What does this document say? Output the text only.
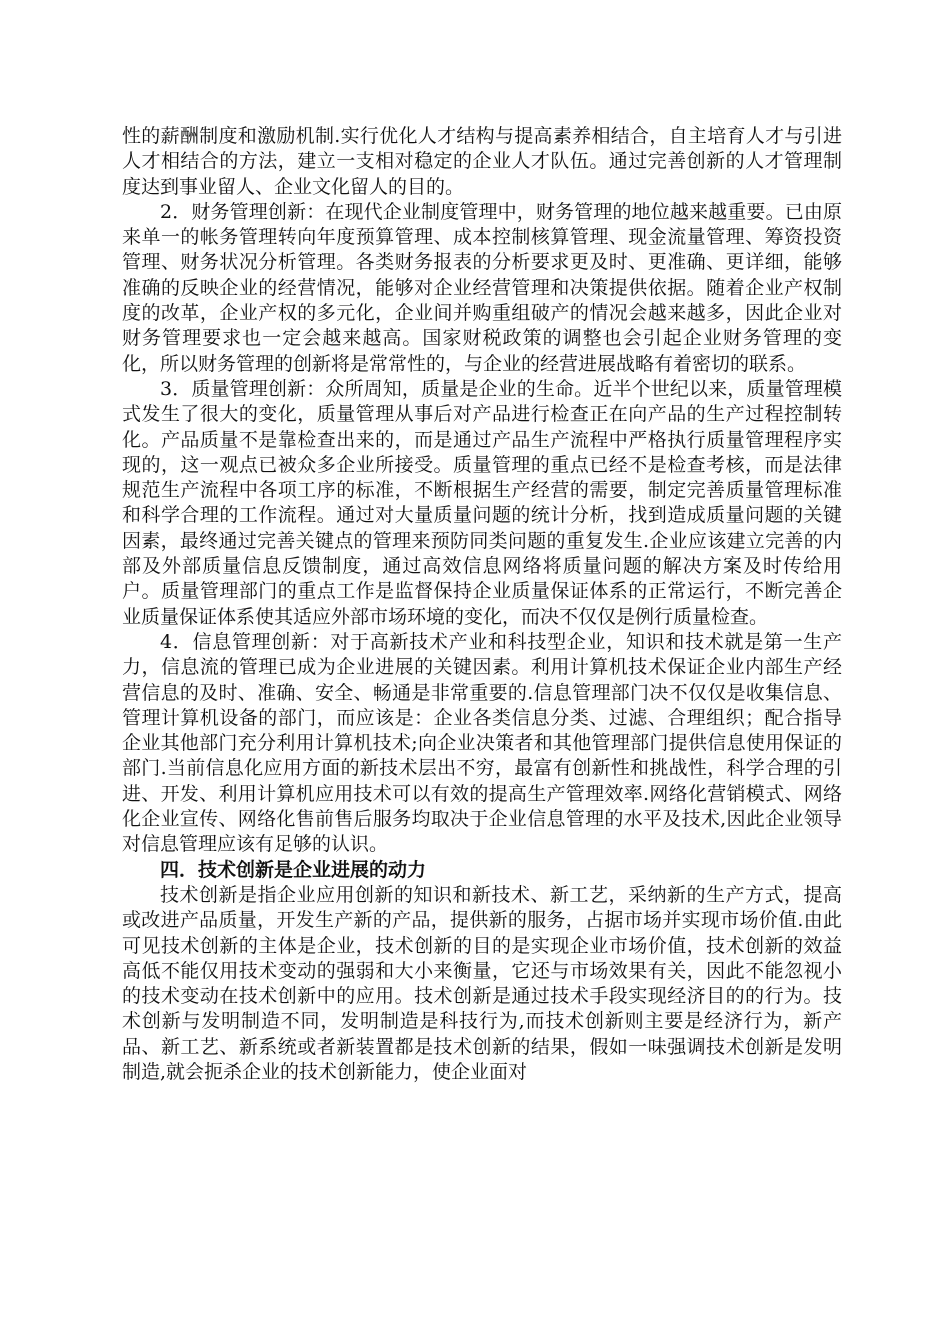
性的薪酬制度和激励机制.实行优化人才结构与提高素养相结合，自主培育人才与引进人才相结合的方法，建立一支相对稳定的企业人才队伍。通过完善创新的人才管理制度达到事业留人、企业文化留人的目的。

2．财务管理创新：在现代企业制度管理中，财务管理的地位越来越重要。已由原来单一的帐务管理转向年度预算管理、成本控制核算管理、现金流量管理、筹资投资管理、财务状况分析管理。各类财务报表的分析要求更及时、更准确、更详细，能够准确的反映企业的经营情况，能够对企业经营管理和决策提供依据。随着企业产权制度的改革，企业产权的多元化，企业间并购重组破产的情况会越来越多，因此企业对财务管理要求也一定会越来越高。国家财税政策的调整也会引起企业财务管理的变化，所以财务管理的创新将是常常性的，与企业的经营进展战略有着密切的联系。

3．质量管理创新：众所周知，质量是企业的生命。近半个世纪以来，质量管理模式发生了很大的变化，质量管理从事后对产品进行检查正在向产品的生产过程控制转化。产品质量不是靠检查出来的，而是通过产品生产流程中严格执行质量管理程序实现的，这一观点已被众多企业所接受。质量管理的重点已经不是检查考核，而是法律规范生产流程中各项工序的标准，不断根据生产经营的需要，制定完善质量管理标准和科学合理的工作流程。通过对大量质量问题的统计分析，找到造成质量问题的关键因素，最终通过完善关键点的管理来预防同类问题的重复发生.企业应该建立完善的内部及外部质量信息反馈制度，通过高效信息网络将质量问题的解决方案及时传给用户。质量管理部门的重点工作是监督保持企业质量保证体系的正常运行，不断完善企业质量保证体系使其适应外部市场环境的变化，而决不仅仅是例行质量检查。

4．信息管理创新：对于高新技术产业和科技型企业，知识和技术就是第一生产力，信息流的管理已成为企业进展的关键因素。利用计算机技术保证企业内部生产经营信息的及时、准确、安全、畅通是非常重要的.信息管理部门决不仅仅是收集信息、管理计算机设备的部门，而应该是：企业各类信息分类、过滤、合理组织；配合指导企业其他部门充分利用计算机技术;向企业决策者和其他管理部门提供信息使用保证的部门.当前信息化应用方面的新技术层出不穷，最富有创新性和挑战性，科学合理的引进、开发、利用计算机应用技术可以有效的提高生产管理效率.网络化营销模式、网络化企业宣传、网络化售前售后服务均取决于企业信息管理的水平及技术,因此企业领导对信息管理应该有足够的认识。

四．技术创新是企业进展的动力

技术创新是指企业应用创新的知识和新技术、新工艺，采纳新的生产方式，提高或改进产品质量，开发生产新的产品，提供新的服务，占据市场并实现市场价值.由此可见技术创新的主体是企业，技术创新的目的是实现企业市场价值，技术创新的效益高低不能仅用技术变动的强弱和大小来衡量，它还与市场效果有关，因此不能忽视小的技术变动在技术创新中的应用。技术创新是通过技术手段实现经济目的的行为。技术创新与发明制造不同，发明制造是科技行为,而技术创新则主要是经济行为，新产品、新工艺、新系统或者新装置都是技术创新的结果，假如一味强调技术创新是发明制造,就会扼杀企业的技术创新能力，使企业面对
